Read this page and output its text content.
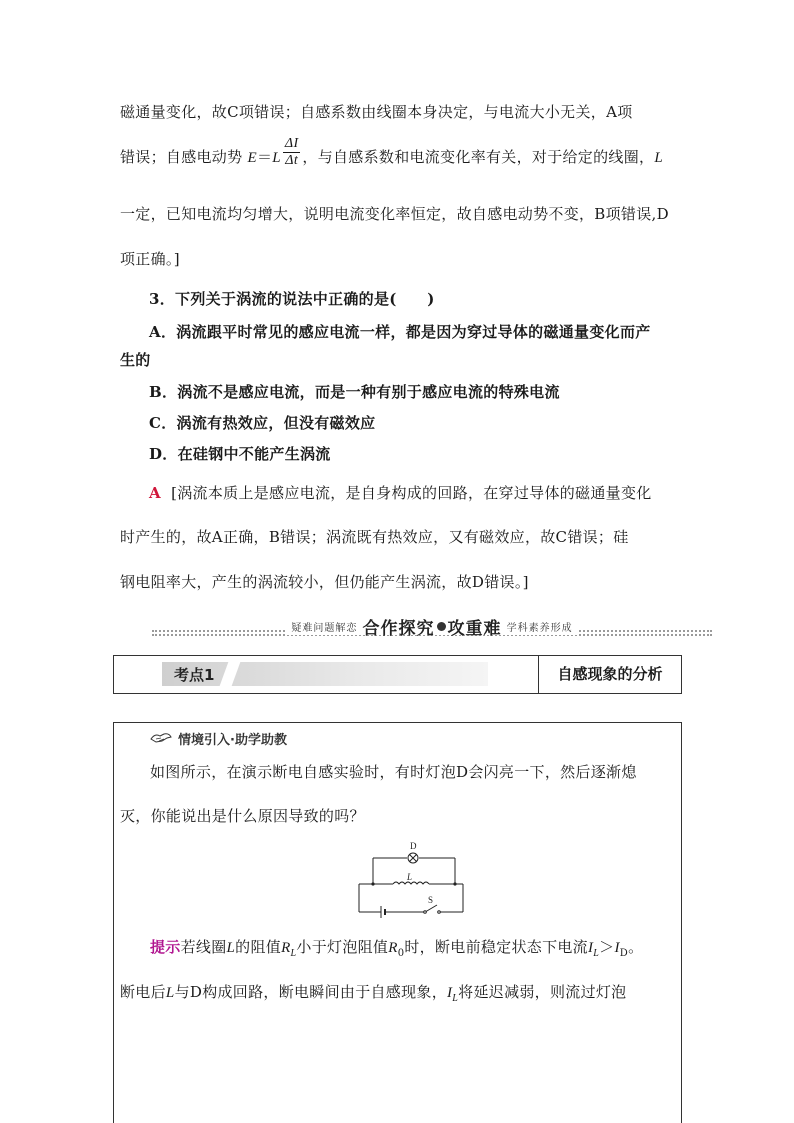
磁通量变化，故C项错误；自感系数由线圈本身决定，与电流大小无关，A项
错误；自感电动势 $E=L \frac{\Delta I}{\Delta t}$ ，与自感系数和电流变化率有关，对于给定的线圈，L
一定，已知电流均匀增大，说明电流变化率恒定，故自感电动势不变，B项错误,D
项正确。]
3．下列关于涡流的说法中正确的是(　　)
A．涡流跟平时常见的感应电流一样，都是因为穿过导体的磁通量变化而产
生的
B．涡流不是感应电流，而是一种有别于感应电流的特殊电流
C．涡流有热效应，但没有磁效应
D．在硅钢中不能产生涡流
A [涡流本质上是感应电流，是自身构成的回路，在穿过导体的磁通量变化
时产生的，故A正确，B错误；涡流既有热效应，又有磁效应，故C错误；硅
钢电阻率大，产生的涡流较小，但仍能产生涡流，故D错误。]
疑难问题解恋 合作探究 攻重难 学科素养形成
考点1	自感现象的分析
情境引入·助学助教
如图所示，在演示断电自感实验时，有时灯泡D会闪亮一下，然后逐渐熄
灭，你能说出是什么原因导致的吗？
D
L
S
提示若线圈L的阻值$R_L$小于灯泡阻值$R_0$时，断电前稳定状态下电流$I_L>I_D$。
断电后L与D构成回路，断电瞬间由于自感现象，$I_L$将延迟减弱，则流过灯泡
